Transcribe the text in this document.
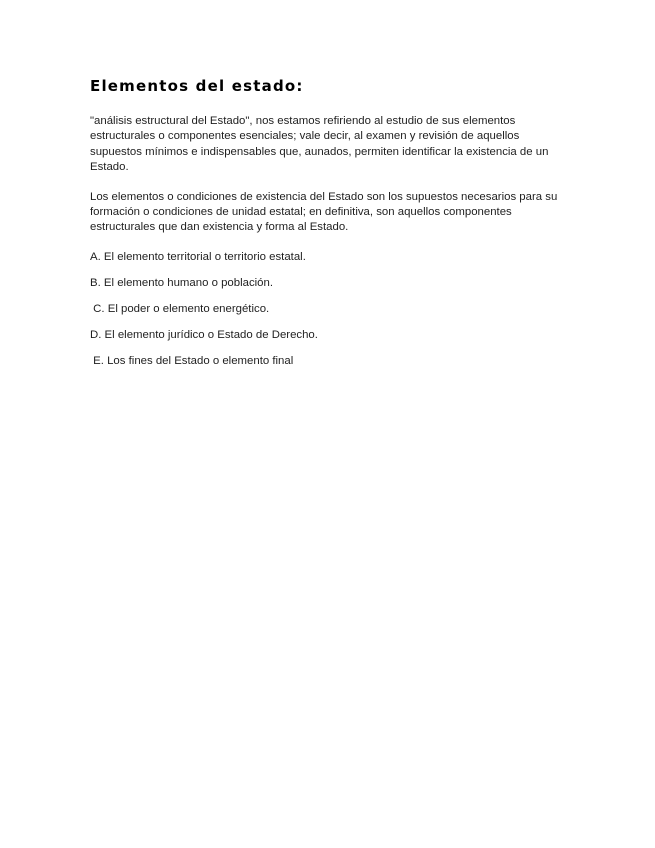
Elementos del estado:

"análisis estructural del Estado", nos estamos refiriendo al estudio de sus elementos estructurales o componentes esenciales; vale decir, al examen y revisión de aquellos supuestos mínimos e indispensables que, aunados, permiten identificar la existencia de un Estado.

Los elementos o condiciones de existencia del Estado son los supuestos necesarios para su formación o condiciones de unidad estatal; en definitiva, son aquellos componentes estructurales que dan existencia y forma al Estado.

A. El elemento territorial o territorio estatal.
B. El elemento humano o población.
C. El poder o elemento energético.
D. El elemento jurídico o Estado de Derecho.
E. Los fines del Estado o elemento final
